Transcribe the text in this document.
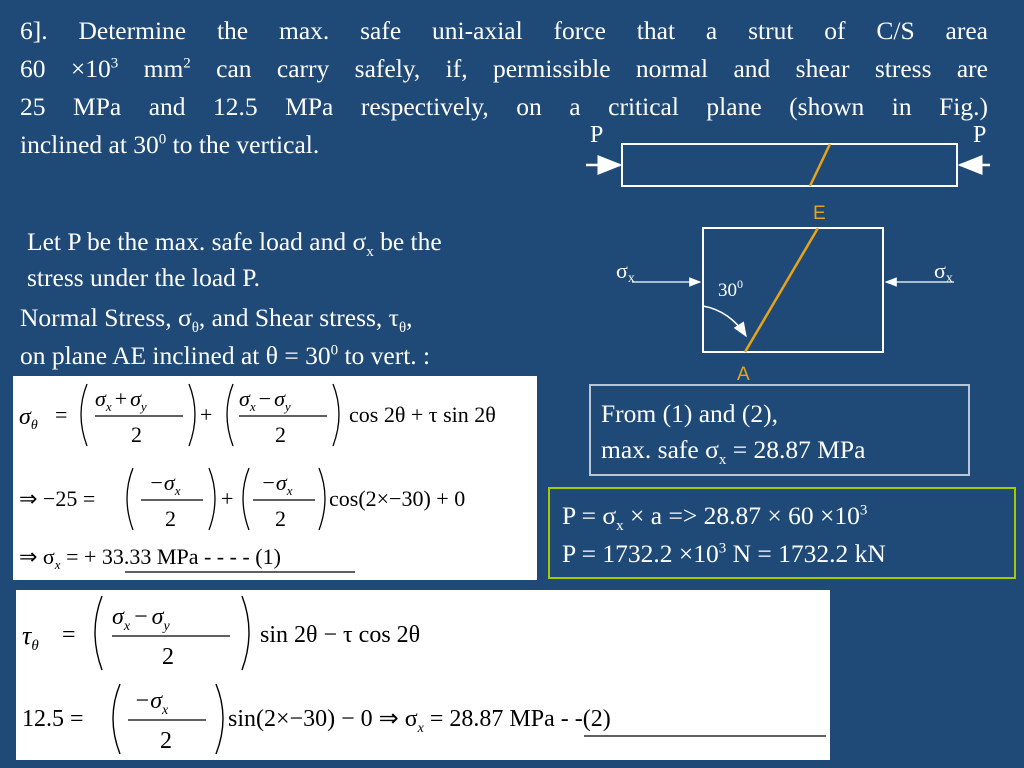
6]. Determine the max. safe uni-axial force that a strut of C/S area
$60 \times 10^3$ $mm^2$ can carry safely, if, permissible normal and shear stress are
25 MPa and 12.5 MPa respectively, on a critical plane (shown in Fig.)
inclined at $30^0$ to the vertical.	P	P
E
A
σx	σx
$30^0$
Let P be the max. safe load and $\sigma_x$ be the
stress under the load P.
Normal Stress, $\sigma_\theta$, and Shear stress, $\tau_\theta$,
on plane AE inclined at $\theta = 30^0$ to vert. :
$\sigma_\theta$ =
$\sigma_x + \sigma_y$
2
+
$\sigma_x - \sigma_y$
2
cos 2θ + τ sin 2θ
⇒ −25 =
$-\sigma_x$
2
+
$-\sigma_x$
2
cos(2×−30) + 0
⇒ $\sigma_x$ = + 33.33 MPa - - - - (1)
From (1) and (2),
max. safe $\sigma_x = 28.87$ MPa
$P = \sigma_x \times a => 28.87 \times 60 \times 10^3$
$P = 1732.2 \times 10^3$ N = 1732.2 kN
$\tau_\theta$ =
$\sigma_x - \sigma_y$
2
sin 2θ − τ cos 2θ
12.5 =
$-\sigma_x$
2
sin(2×−30) − 0 ⇒ $\sigma_x = 28.87$ MPa - -(2)
